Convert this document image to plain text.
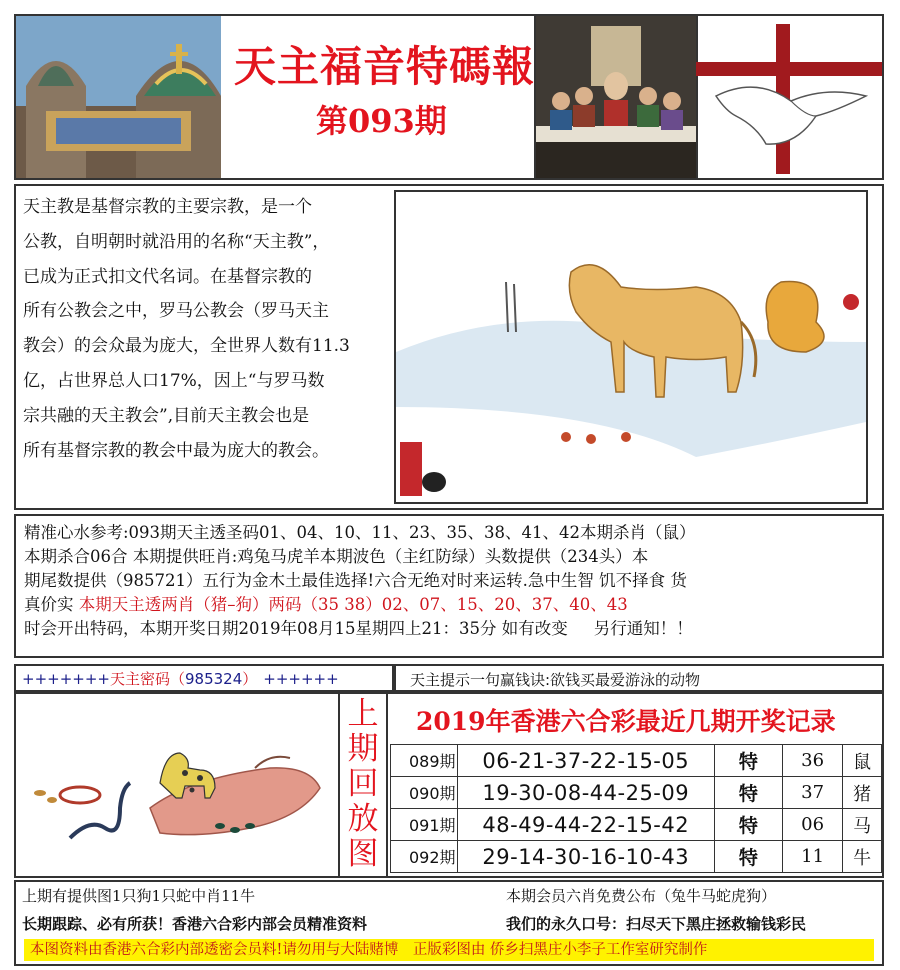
天主福音特碼報
第093期

天主教是基督宗教的主要宗教，是一个

公教，自明朝时就沿用的名称“天主教”，

已成为正式扣文代名词。在基督宗教的

所有公教会之中，罗马公教会（罗马天主

教会）的会众最为庞大，全世界人数有11.3

亿，占世界总人口17%，因上“与罗马数

宗共融的天主教会”,目前天主教会也是

所有基督宗教的教会中最为庞大的教会。

精准心水参考:093期天主透圣码01、04、10、11、23、35、38、41、42本期杀肖（鼠）
本期杀合06合 本期提供旺肖:鸡兔马虎羊本期波色（主红防绿）头数提供（234头）本
期尾数提供（985721）五行为金木土最佳选择!六合无绝对时来运转.急中生智 饥不择食 货
真价实 本期天主透两肖（猪–狗）两码（35 38）02、07、15、20、37、40、43
时会开出特码，本期开奖日期2019年08月15星期四上21：35分 如有改变 另行通知！！
+++++++天主密码（985324） ++++++	天主提示一句赢钱诀:欲钱买最爱游泳的动物
上
期
回
放
图
2019年香港六合彩最近几期开奖记录
089期	06-21-37-22-15-05	特	36	鼠
090期	19-30-08-44-25-09	特	37	猪
091期	48-49-44-22-15-42	特	06	马
092期	29-14-30-16-10-43	特	11	牛
上期有提供图1只狗1只蛇中肖11牛	本期会员六肖免费公布（兔牛马蛇虎狗）
长期跟踪、必有所获！香港六合彩内部会员精准资料	我们的永久口号：扫尽天下黑庄拯救输钱彩民
本图资料由香港六合彩内部透密会员料!请勿用与大陆赌博　正版彩图由 侨乡扫黑庄小李子工作室研究制作
